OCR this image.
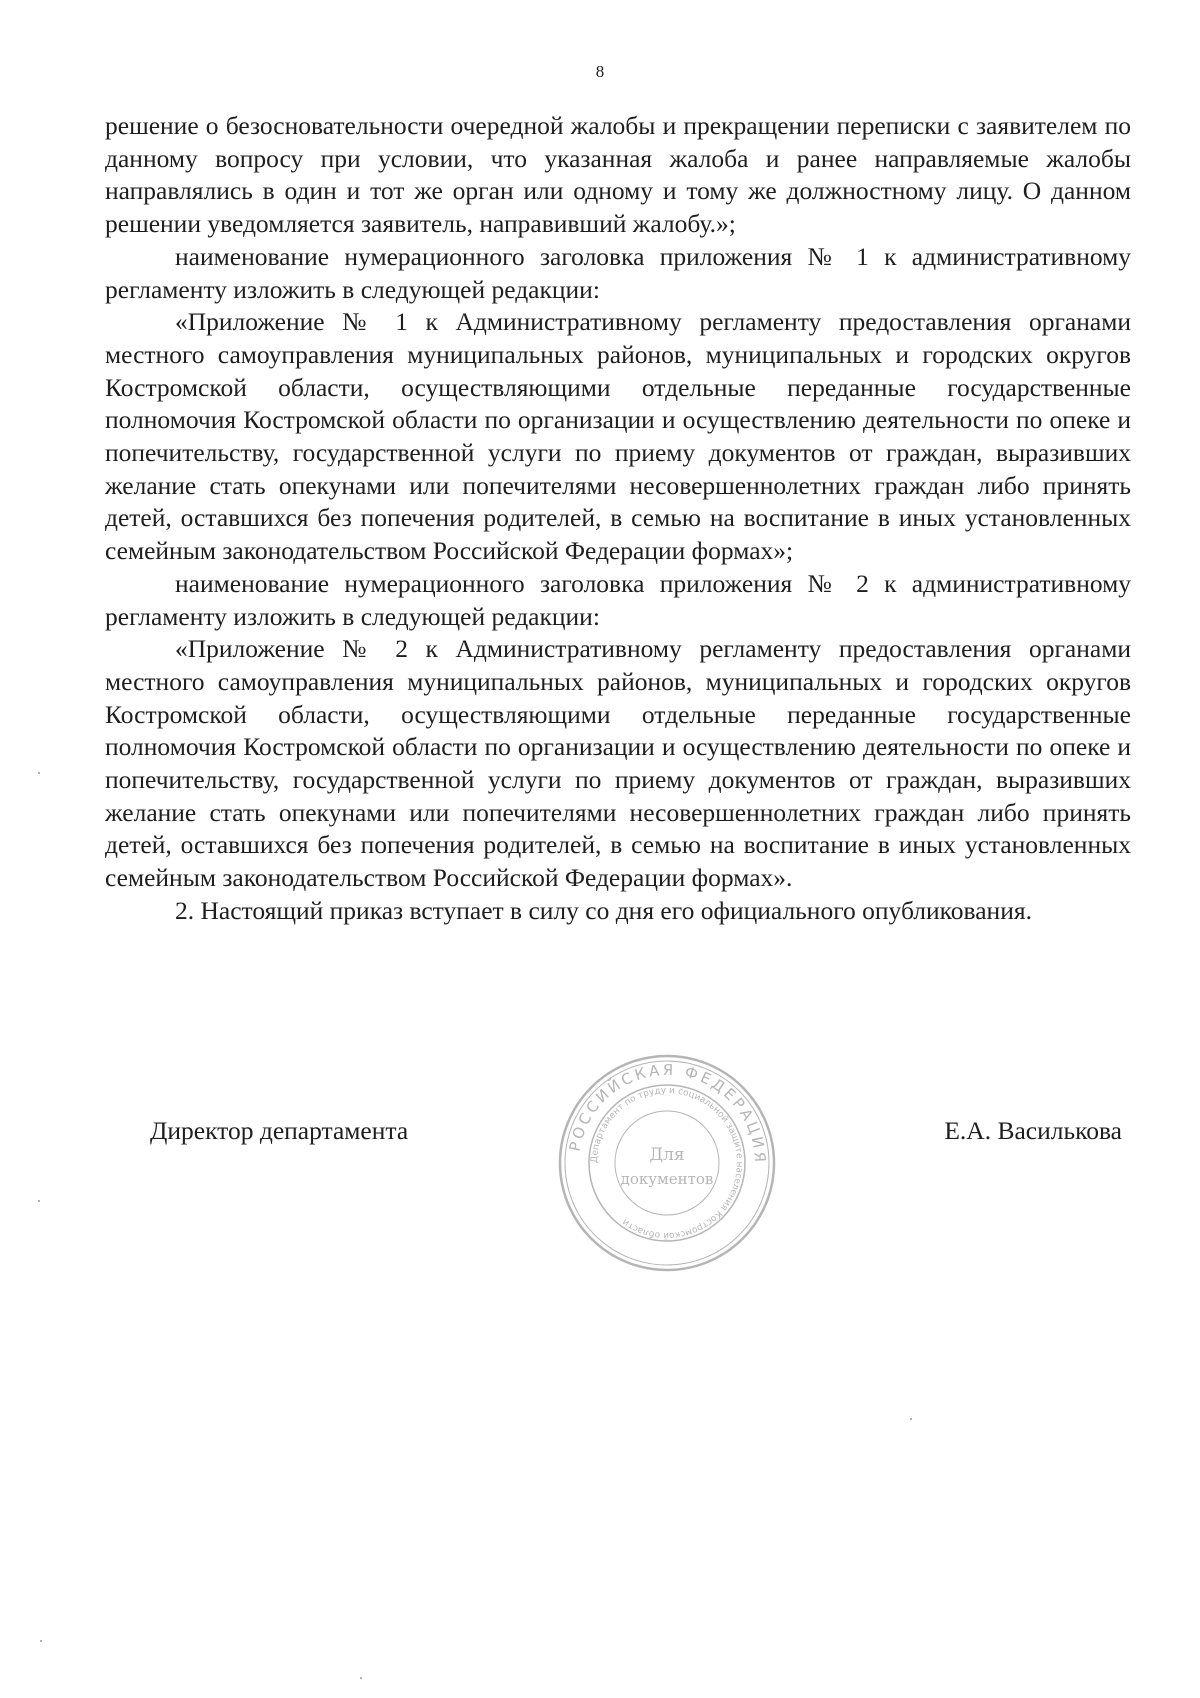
8

решение о безосновательности очередной жалобы и прекращении переписки с заявителем по данному вопросу при условии, что указанная жалоба и ранее направляемые жалобы направлялись в один и тот же орган или одному и тому же должностному лицу. О данном решении уведомляется заявитель, направивший жалобу.»;

наименование нумерационного заголовка приложения № 1 к административному регламенту изложить в следующей редакции:

«Приложение № 1 к Административному регламенту предоставления органами местного самоуправления муниципальных районов, муниципальных и городских округов Костромской области, осуществляющими отдельные переданные государственные полномочия Костромской области по организации и осуществлению деятельности по опеке и попечительству, государственной услуги по приему документов от граждан, выразивших желание стать опекунами или попечителями несовершеннолетних граждан либо принять детей, оставшихся без попечения родителей, в семью на воспитание в иных установленных семейным законодательством Российской Федерации формах»;

наименование нумерационного заголовка приложения № 2 к административному регламенту изложить в следующей редакции:

«Приложение № 2 к Административному регламенту предоставления органами местного самоуправления муниципальных районов, муниципальных и городских округов Костромской области, осуществляющими отдельные переданные государственные полномочия Костромской области по организации и осуществлению деятельности по опеке и попечительству, государственной услуги по приему документов от граждан, выразивших желание стать опекунами или попечителями несовершеннолетних граждан либо принять детей, оставшихся без попечения родителей, в семью на воспитание в иных установленных семейным законодательством Российской Федерации формах».

2. Настоящий приказ вступает в силу со дня его официального опубликования.

Директор департамента	Е.А. Василькова
РОССИЙСКАЯ ФЕДЕРАЦИЯ
Департамент по труду и социальной защите населения Костромской области
Для
документов
